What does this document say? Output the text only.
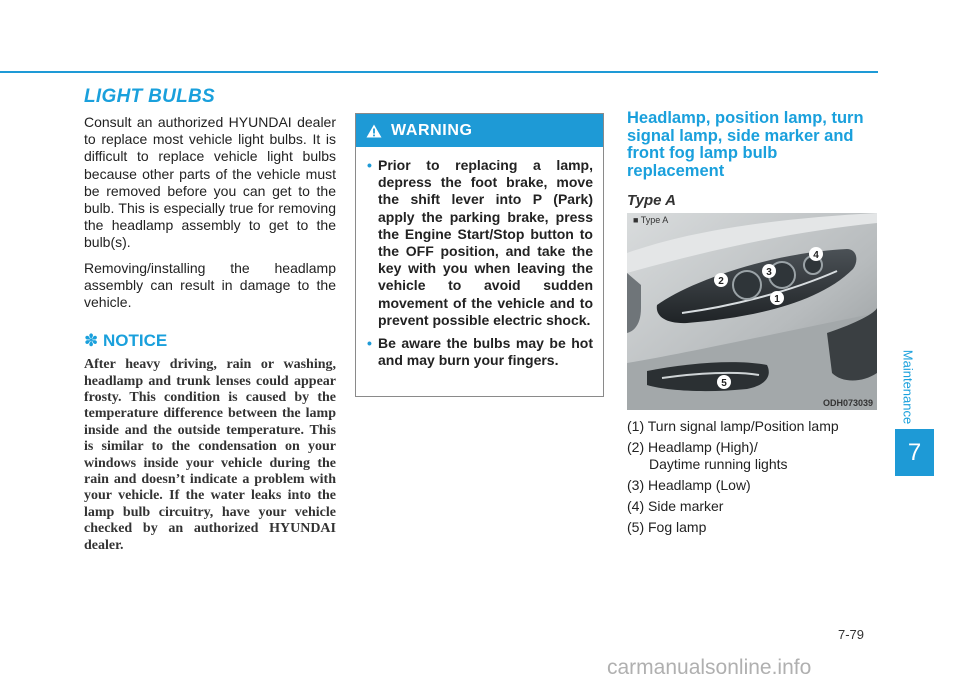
LIGHT BULBS

Consult an authorized HYUNDAI dealer to replace most vehicle light bulbs. It is difficult to replace vehicle light bulbs because other parts of the vehicle must be removed before you can get to the bulb. This is especially true for removing the headlamp assembly to get to the bulb(s).

Removing/installing the headlamp assembly can result in damage to the vehicle.

✽ NOTICE

After heavy driving, rain or washing, headlamp and trunk lenses could appear frosty. This condition is caused by the temperature difference between the lamp inside and the outside temperature. This is similar to the condensation on your windows inside your vehicle during the rain and doesn’t indicate a problem with your vehicle. If the water leaks into the lamp bulb circuitry, have your vehicle checked by an authorized HYUNDAI dealer.

WARNING
• Prior to replacing a lamp, depress the foot brake, move the shift lever into P (Park) apply the parking brake, press the Engine Start/Stop button to the OFF position, and take the key with you when leaving the vehicle to avoid sudden movement of the vehicle and to prevent possible electric shock.
• Be aware the bulbs may be hot and may burn your fingers.
Headlamp, position lamp, turn signal lamp, side marker and front fog lamp bulb replacement
Type A
2
3
4
1
5
■ Type A
ODH073039
(1) Turn signal lamp/Position lamp
(2) Headlamp (High)/
Daytime running lights
(3) Headlamp (Low)
(4) Side marker
(5) Fog lamp
7-79
Maintenance
7
carmanualsonline.info
